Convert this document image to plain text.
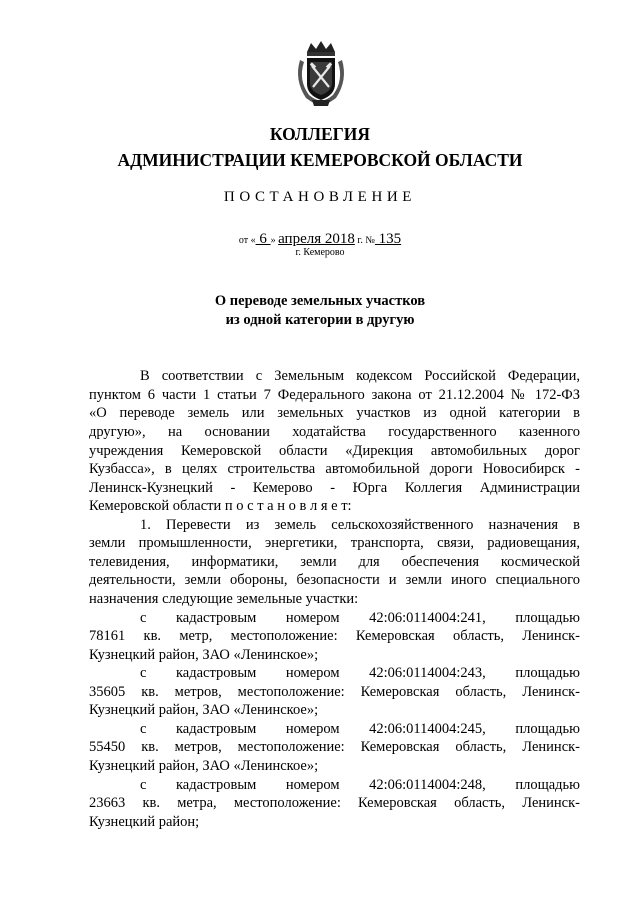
КОЛЛЕГИЯ
АДМИНИСТРАЦИИ КЕМЕРОВСКОЙ ОБЛАСТИ
ПОСТАНОВЛЕНИЕ
от « 6 » апреля 2018 г. № 135
г. Кемерово
О переводе земельных участков
из одной категории в другую
В соответствии с Земельным кодексом Российской Федерации,
пунктом 6 части 1 статьи 7 Федерального закона от 21.12.2004 № 172-ФЗ
«О переводе земель или земельных участков из одной категории в
другую», на основании ходатайства государственного казенного
учреждения Кемеровской области «Дирекция автомобильных дорог
Кузбасса», в целях строительства автомобильной дороги Новосибирск -
Ленинск-Кузнецкий - Кемерово - Юрга Коллегия Администрации
Кемеровской области п о с т а н о в л я е т:
1. Перевести из земель сельскохозяйственного назначения в
земли промышленности, энергетики, транспорта, связи, радиовещания,
телевидения, информатики, земли для обеспечения космической
деятельности, земли обороны, безопасности и земли иного специального
назначения следующие земельные участки:
с кадастровым номером 42:06:0114004:241, площадью
78161 кв. метр, местоположение: Кемеровская область, Ленинск-
Кузнецкий район, ЗАО «Ленинское»;
с кадастровым номером 42:06:0114004:243, площадью
35605 кв. метров, местоположение: Кемеровская область, Ленинск-
Кузнецкий район, ЗАО «Ленинское»;
с кадастровым номером 42:06:0114004:245, площадью
55450 кв. метров, местоположение: Кемеровская область, Ленинск-
Кузнецкий район, ЗАО «Ленинское»;
с кадастровым номером 42:06:0114004:248, площадью
23663 кв. метра, местоположение: Кемеровская область, Ленинск-
Кузнецкий район;
